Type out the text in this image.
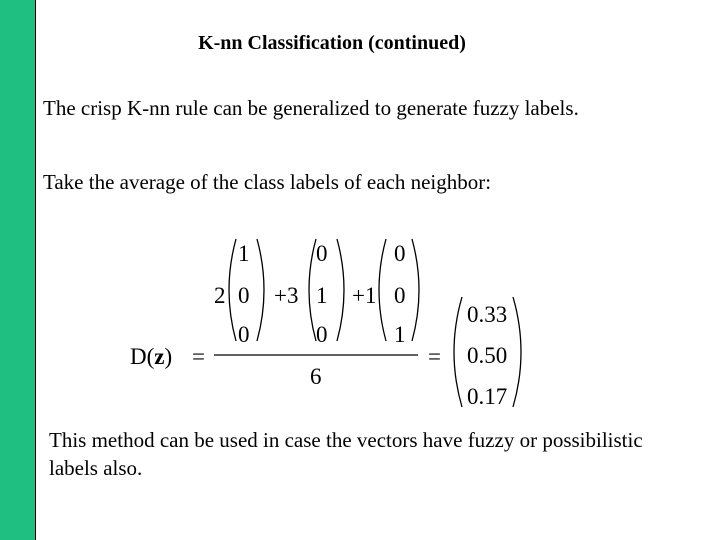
K-nn Classification (continued)

The crisp K-nn rule can be generalized to generate fuzzy labels.

Take the average of the class labels of each neighbor:

D(z) =
2
1
0
0
+3
0
1
0
+1
0
0
1
6
=
0.33
0.50
0.17

This method can be used in case the vectors have fuzzy or possibilistic labels also.
